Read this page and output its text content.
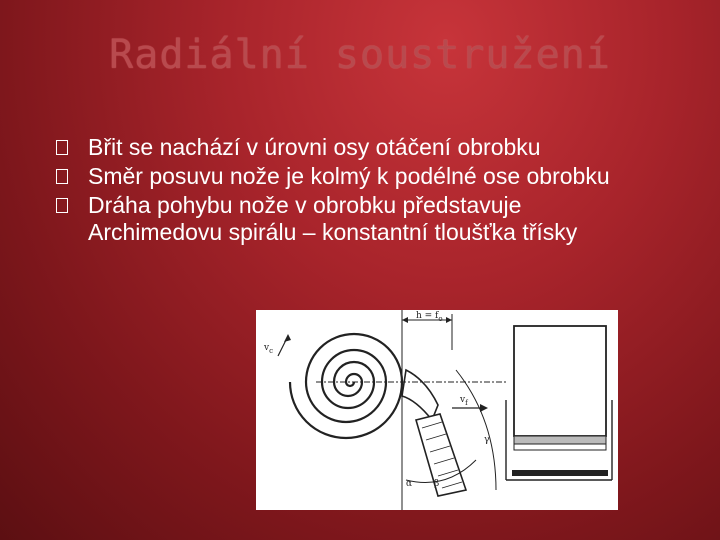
Radiální soustružení
Břit se nachází v úrovni osy otáčení obrobku
Směr posuvu nože je kolmý k podélné ose obrobku
Dráha pohybu nože v obrobku představuje Archimedovu spirálu – konstantní tloušťka třísky
$v_c$
$h = f_o$
$v_f$
γ
α β
